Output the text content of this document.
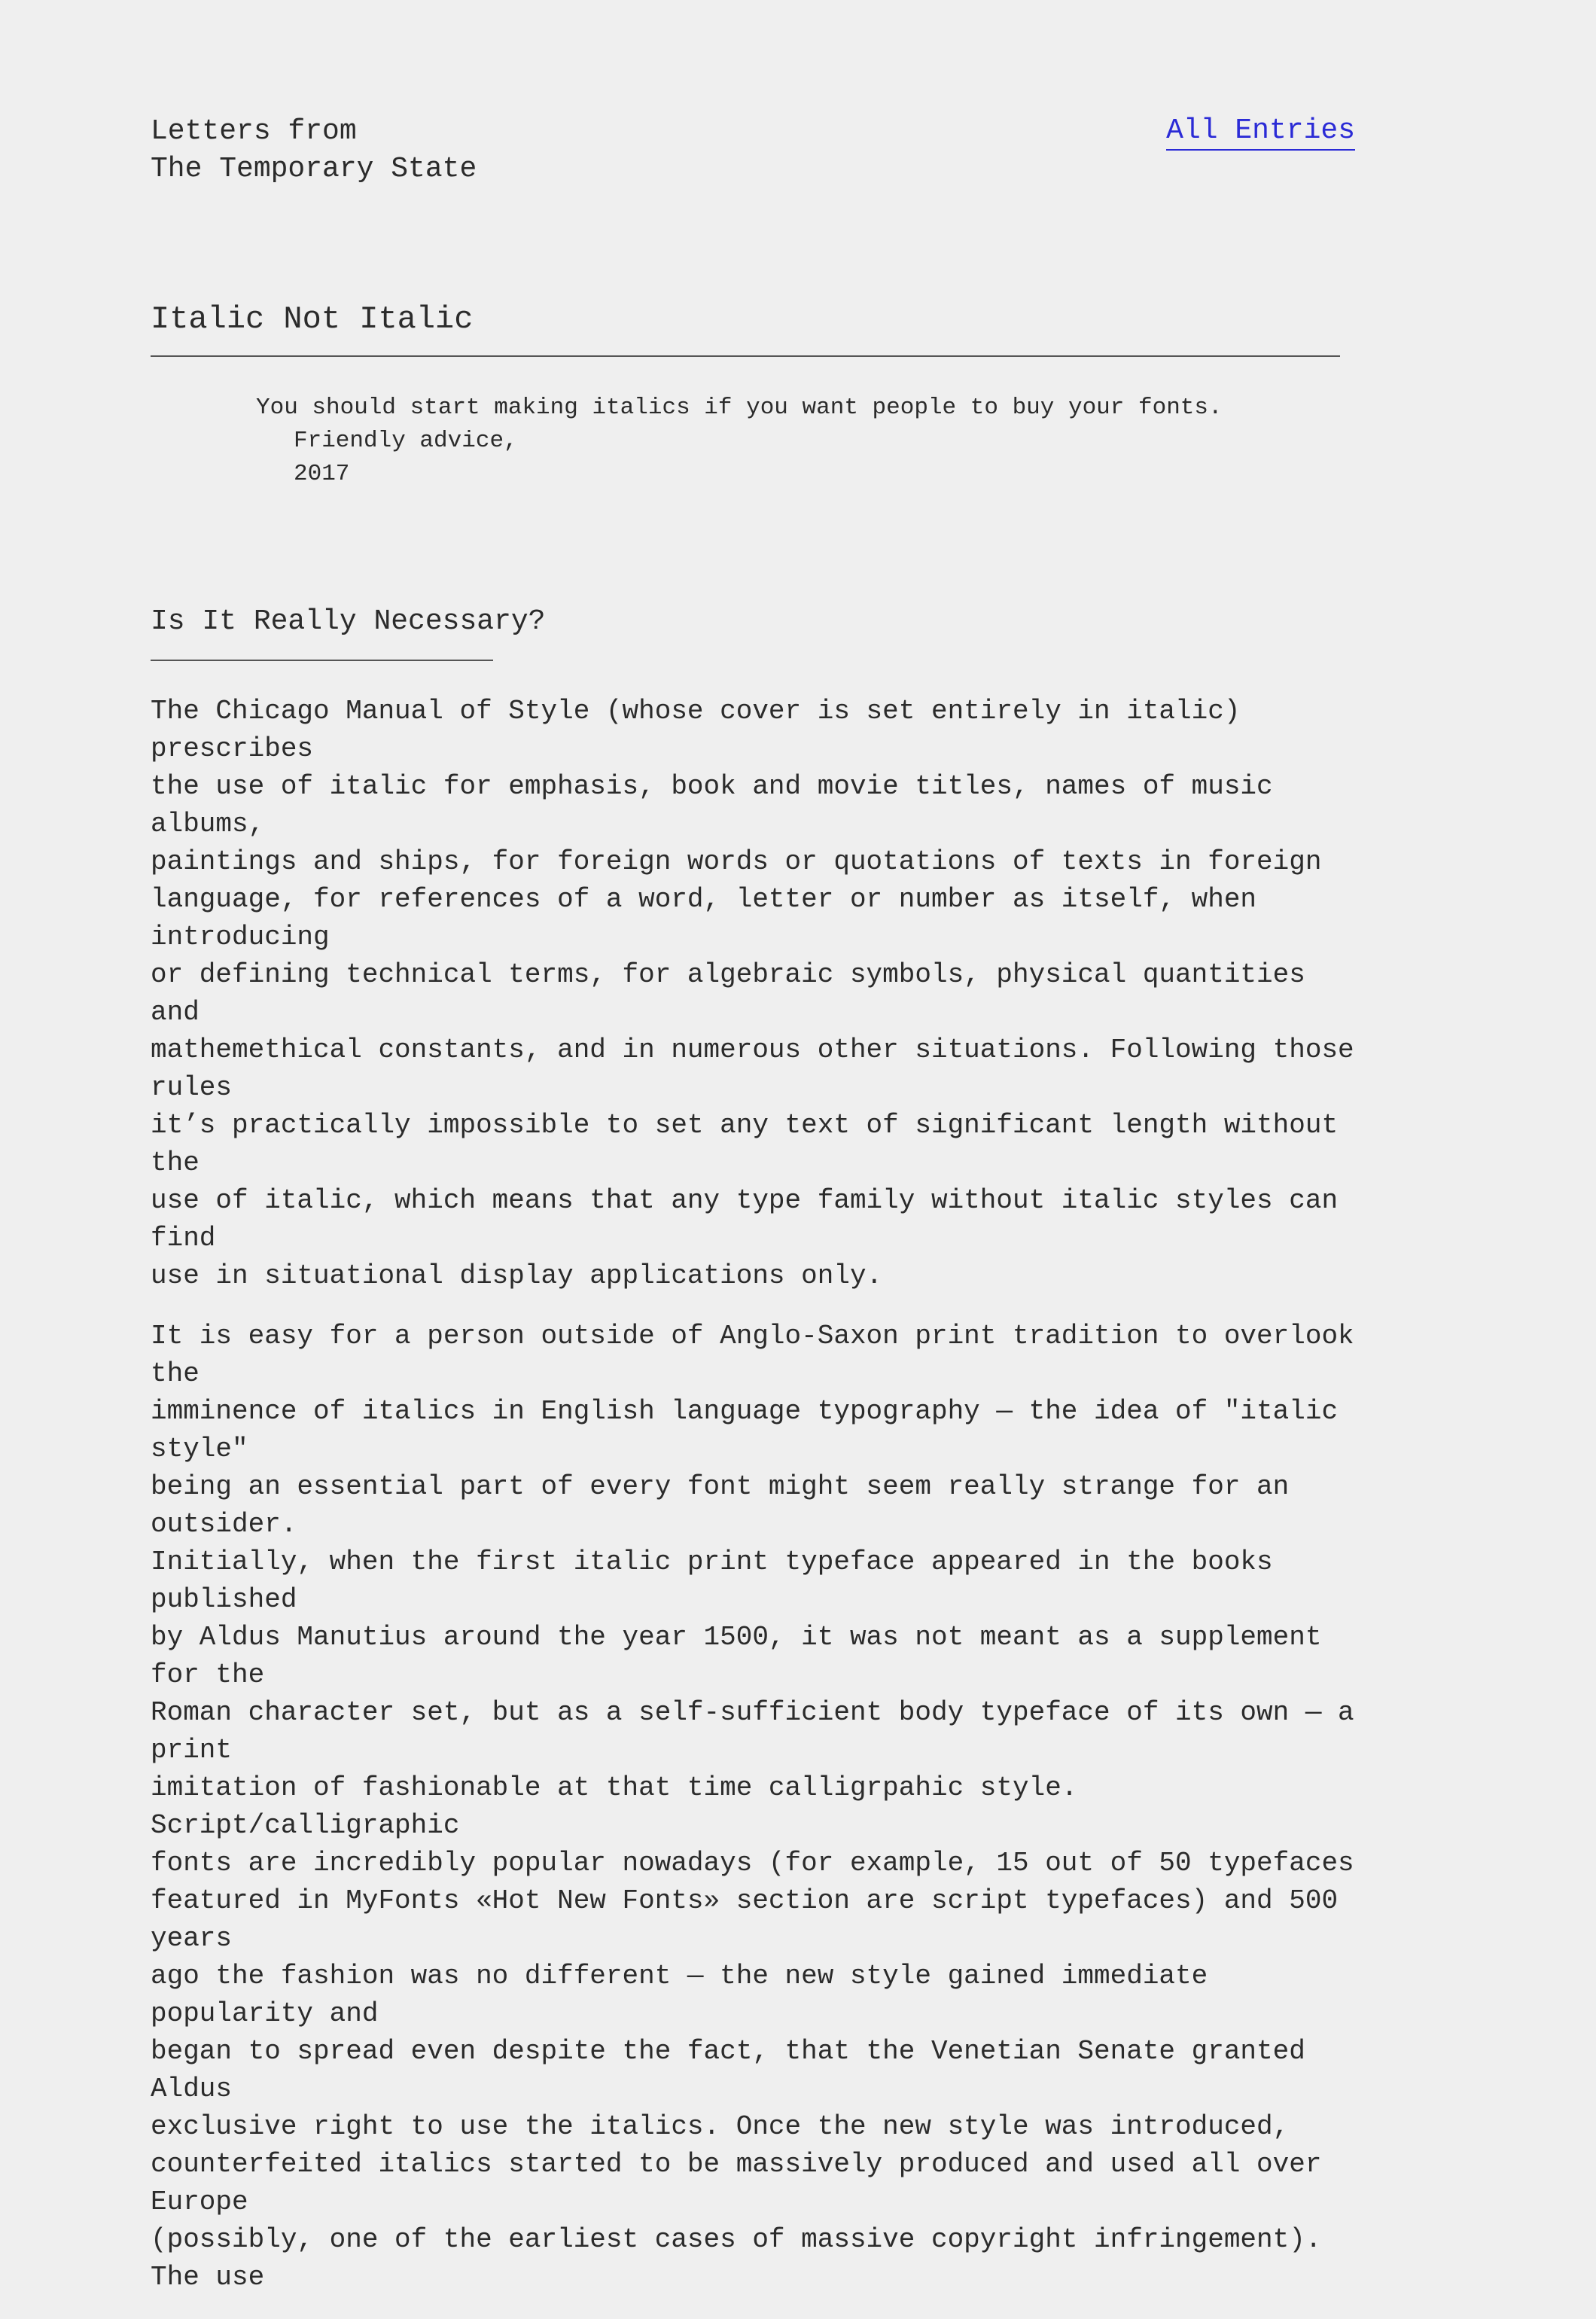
Letters from
The Temporary State
All Entries
Italic Not Italic
You should start making italics if you want people to buy your fonts.
Friendly advice,
2017
Is It Really Necessary?

The Chicago Manual of Style (whose cover is set entirely in italic) prescribes
the use of italic for emphasis, book and movie titles, names of music albums,
paintings and ships, for foreign words or quotations of texts in foreign
language, for references of a word, letter or number as itself, when introducing
or defining technical terms, for algebraic symbols, physical quantities and
mathemethical constants, and in numerous other situations. Following those rules
it’s practically impossible to set any text of significant length without the
use of italic, which means that any type family without italic styles can find
use in situational display applications only.

It is easy for a person outside of Anglo-Saxon print tradition to overlook the
imminence of italics in English language typography — the idea of "italic style"
being an essential part of every font might seem really strange for an outsider.
Initially, when the first italic print typeface appeared in the books published
by Aldus Manutius around the year 1500, it was not meant as a supplement for the
Roman character set, but as a self-sufficient body typeface of its own — a print
imitation of fashionable at that time calligrpahic style. Script/calligraphic
fonts are incredibly popular nowadays (for example, 15 out of 50 typefaces
featured in MyFonts «Hot New Fonts» section are script typefaces) and 500 years
ago the fashion was no different — the new style gained immediate popularity and
began to spread even despite the fact, that the Venetian Senate granted Aldus
exclusive right to use the italics. Once the new style was introduced,
counterfeited italics started to be massively produced and used all over Europe
(possibly, one of the earliest cases of massive copyright infringement). The use
